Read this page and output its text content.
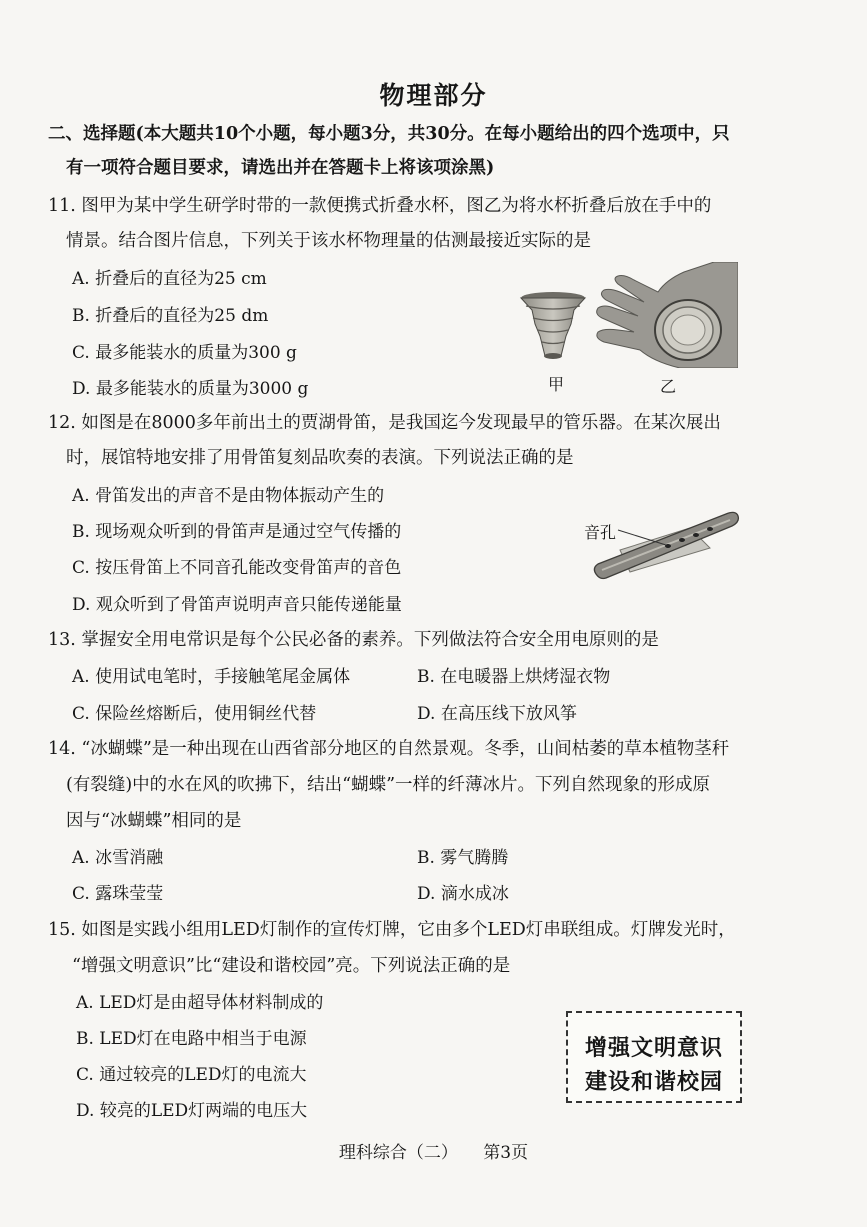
物理部分
二、选择题(本大题共10个小题，每小题3分，共30分。在每小题给出的四个选项中，只
有一项符合题目要求，请选出并在答题卡上将该项涂黑)
11. 图甲为某中学生研学时带的一款便携式折叠水杯，图乙为将水杯折叠后放在手中的
情景。结合图片信息，下列关于该水杯物理量的估测最接近实际的是
A. 折叠后的直径为25 cm
B. 折叠后的直径为25 dm
C. 最多能装水的质量为300 g
D. 最多能装水的质量为3000 g	甲	乙
12. 如图是在8000多年前出土的贾湖骨笛，是我国迄今发现最早的管乐器。在某次展出
时，展馆特地安排了用骨笛复刻品吹奏的表演。下列说法正确的是
A. 骨笛发出的声音不是由物体振动产生的
B. 现场观众听到的骨笛声是通过空气传播的
C. 按压骨笛上不同音孔能改变骨笛声的音色
D. 观众听到了骨笛声说明声音只能传递能量
音孔
13. 掌握安全用电常识是每个公民必备的素养。下列做法符合安全用电原则的是
A. 使用试电笔时，手接触笔尾金属体	B. 在电暖器上烘烤湿衣物
C. 保险丝熔断后，使用铜丝代替	D. 在高压线下放风筝
14. “冰蝴蝶”是一种出现在山西省部分地区的自然景观。冬季，山间枯萎的草本植物茎秆
(有裂缝)中的水在风的吹拂下，结出“蝴蝶”一样的纤薄冰片。下列自然现象的形成原
因与“冰蝴蝶”相同的是
A. 冰雪消融	B. 雾气腾腾
C. 露珠莹莹	D. 滴水成冰
15. 如图是实践小组用LED灯制作的宣传灯牌，它由多个LED灯串联组成。灯牌发光时，
“增强文明意识”比“建设和谐校园”亮。下列说法正确的是
A. LED灯是由超导体材料制成的
B. LED灯在电路中相当于电源
C. 通过较亮的LED灯的电流大
D. 较亮的LED灯两端的电压大
增强文明意识
建设和谐校园
理科综合（二） 第3页
